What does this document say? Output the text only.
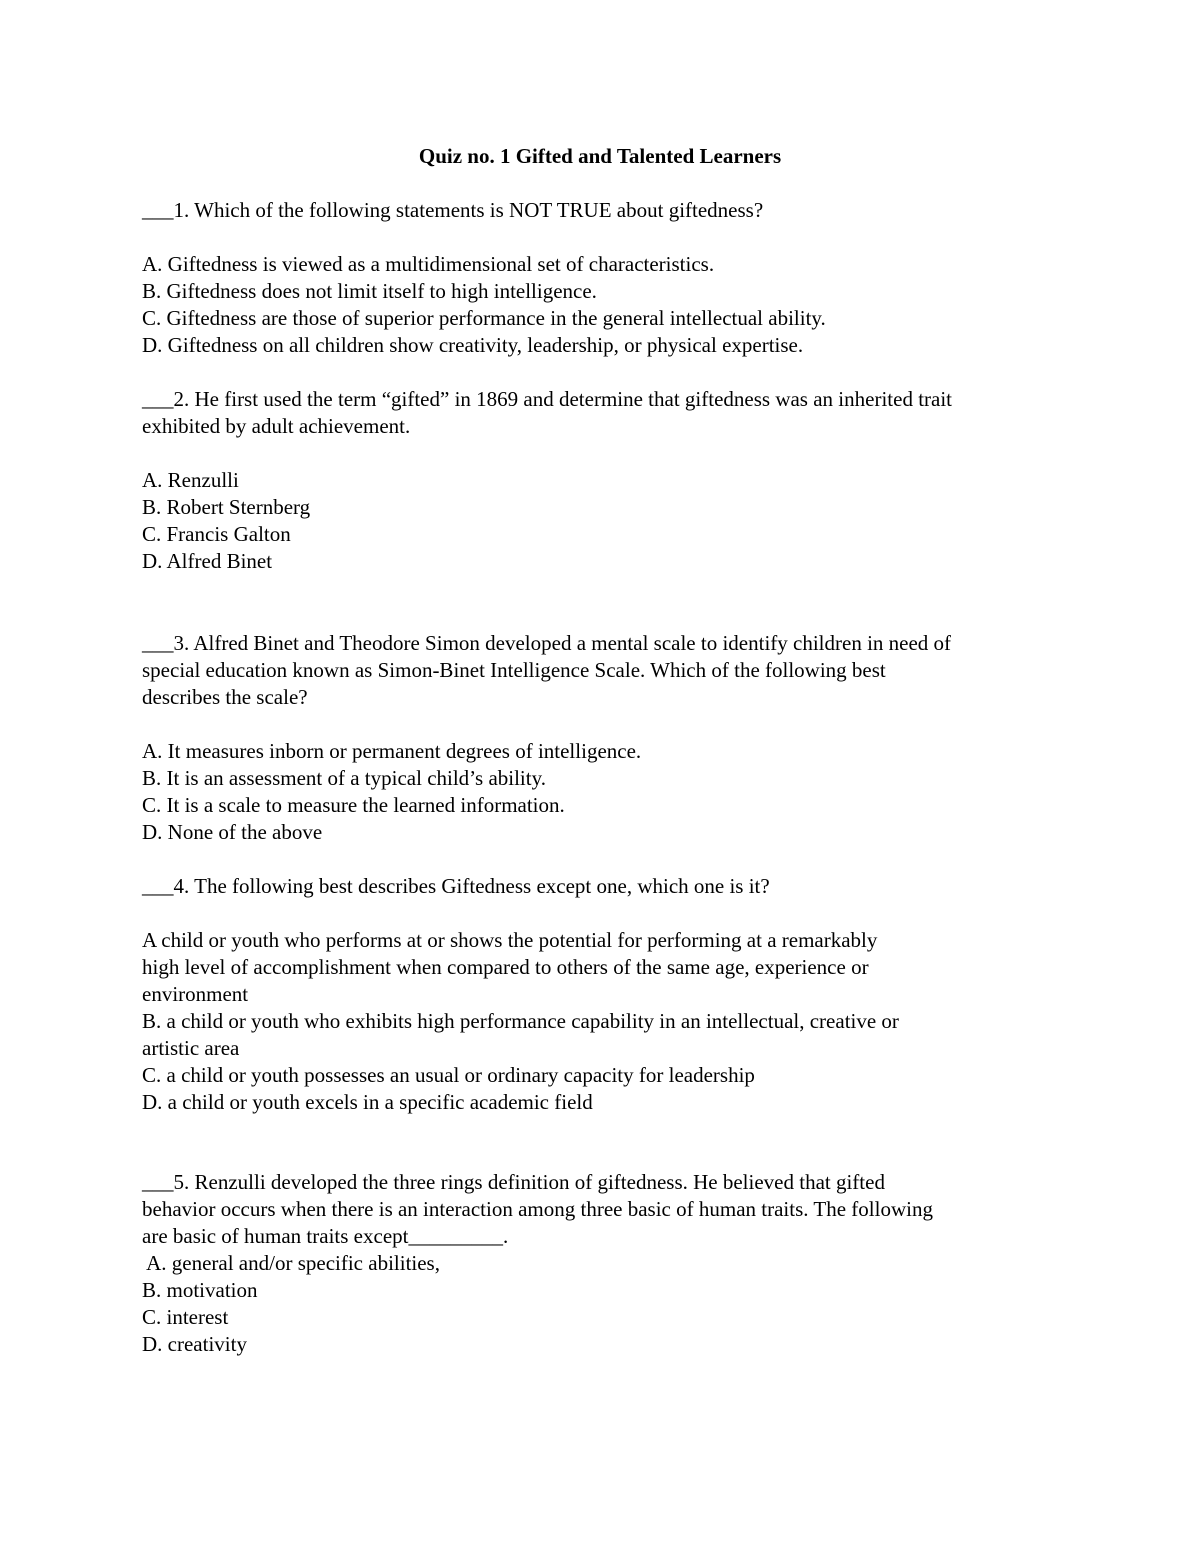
Quiz no. 1 Gifted and Talented Learners
___1. Which of the following statements is NOT TRUE about giftedness?
A. Giftedness is viewed as a multidimensional set of characteristics.
B. Giftedness does not limit itself to high intelligence.
C. Giftedness are those of superior performance in the general intellectual ability.
D. Giftedness on all children show creativity, leadership, or physical expertise.
___2. He first used the term “gifted” in 1869 and determine that giftedness was an inherited trait
exhibited by adult achievement.
A. Renzulli
B. Robert Sternberg
C. Francis Galton
D. Alfred Binet
___3. Alfred Binet and Theodore Simon developed a mental scale to identify children in need of
special education known as Simon-Binet Intelligence Scale. Which of the following best
describes the scale?
A. It measures inborn or permanent degrees of intelligence.
B. It is an assessment of a typical child’s ability.
C. It is a scale to measure the learned information.
D. None of the above
___4. The following best describes Giftedness except one, which one is it?
A child or youth who performs at or shows the potential for performing at a remarkably
high level of accomplishment when compared to others of the same age, experience or
environment
B. a child or youth who exhibits high performance capability in an intellectual, creative or
artistic area
C. a child or youth possesses an usual or ordinary capacity for leadership
D. a child or youth excels in a specific academic field
___5. Renzulli developed the three rings definition of giftedness. He believed that gifted
behavior occurs when there is an interaction among three basic of human traits. The following
are basic of human traits except_________.
A. general and/or specific abilities,
B. motivation
C. interest
D. creativity
